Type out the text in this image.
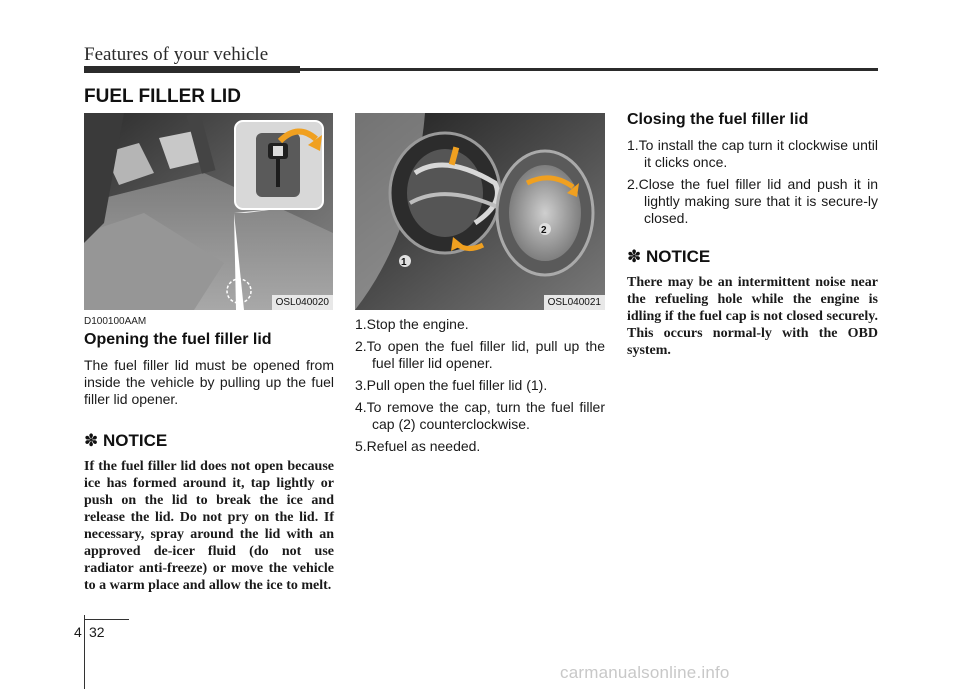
Features of your vehicle
FUEL FILLER LID
OSL040020
D100100AAM
Opening the fuel filler lid

The fuel filler lid must be opened from inside the vehicle by pulling up the fuel filler lid opener.

✽ NOTICE

If the fuel filler lid does not open because ice has formed around it, tap lightly or push on the lid to break the ice and release the lid. Do not pry on the lid. If necessary, spray around the lid with an approved de-icer fluid (do not use radiator anti-freeze) or move the vehicle to a warm place and allow the ice to melt.

1
2
OSL040021
1.Stop the engine.
2.To open the fuel filler lid, pull up the fuel filler lid opener.
3.Pull open the fuel filler lid (1).
4.To remove the cap, turn the fuel filler cap (2) counterclockwise.
5.Refuel as needed.
Closing the fuel filler lid
1.To install the cap turn it clockwise until it clicks once.
2.Close the fuel filler lid and push it in lightly making sure that it is secure-ly closed.
✽ NOTICE

There may be an intermittent noise near the refueling hole while the engine is idling if the fuel cap is not closed securely. This occurs normal-ly with the OBD system.

4 32
carmanualsonline.info
